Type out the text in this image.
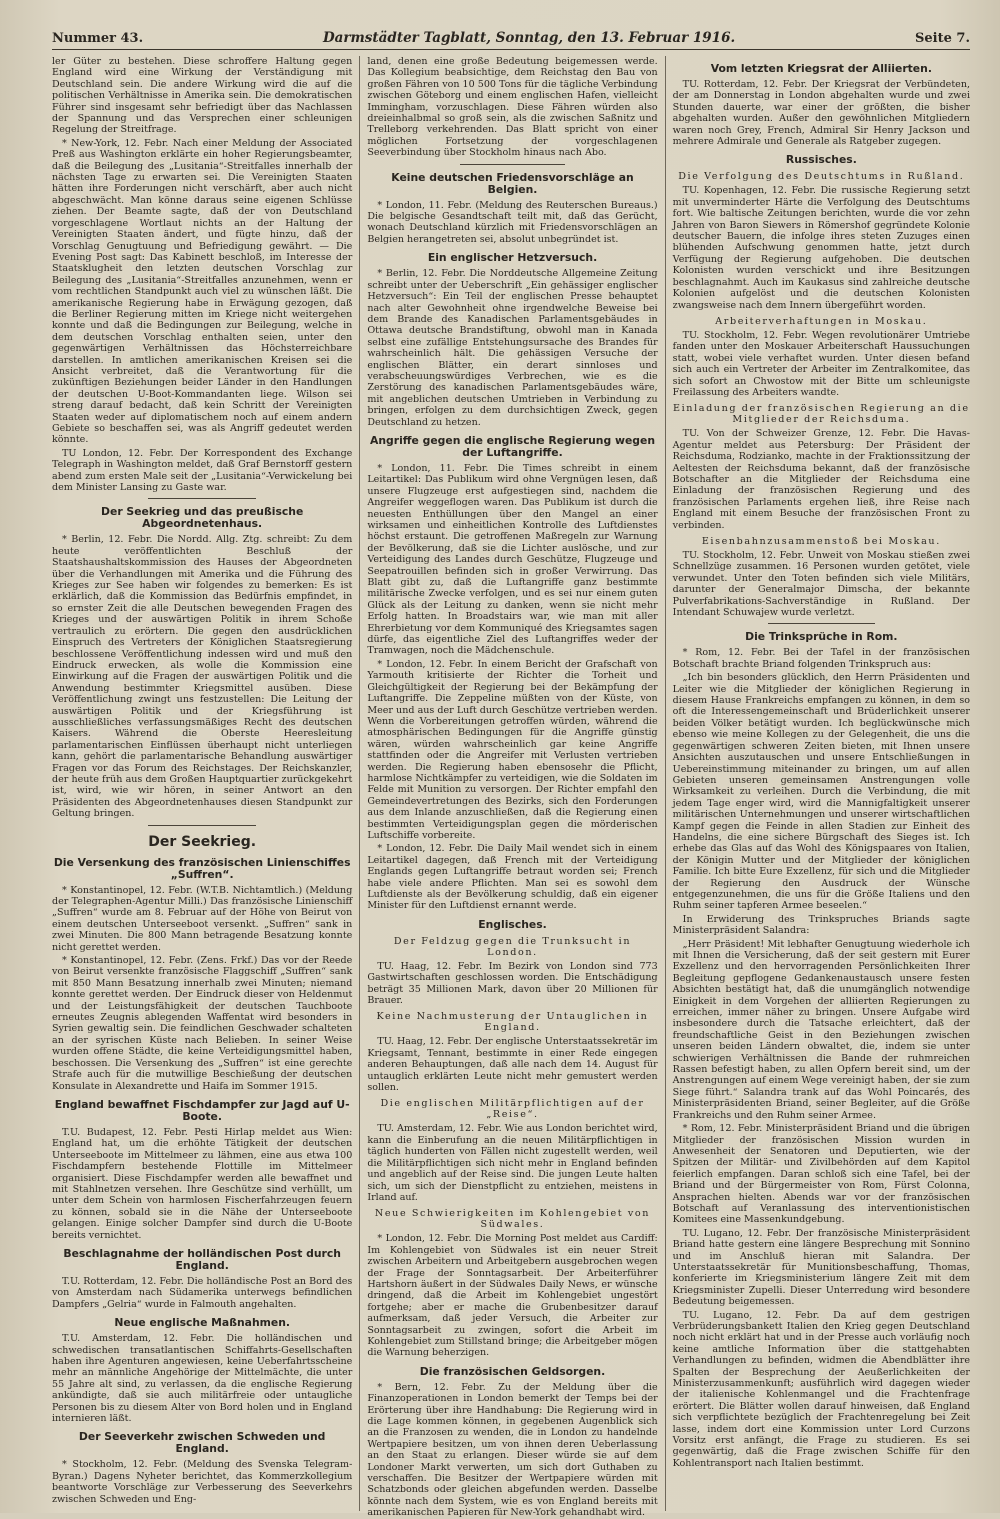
Nummer 43.	Darmstädter Tagblatt, Sonntag, den 13. Februar 1916.	Seite 7.

ler Güter zu bestehen. Diese schroffere Haltung gegen England wird eine Wirkung der Verständigung mit Deutschland sein. Die andere Wirkung wird die auf die politischen Verhältnisse in Amerika sein. Die demokratischen Führer sind insgesamt sehr befriedigt über das Nachlassen der Spannung und das Versprechen einer schleunigen Regelung der Streitfrage.

* New-York, 12. Febr. Nach einer Meldung der Associated Preß aus Washington erklärte ein hoher Regierungsbeamter, daß die Beilegung des „Lusitania“-Streitfalles innerhalb der nächsten Tage zu erwarten sei. Die Vereinigten Staaten hätten ihre Forderungen nicht verschärft, aber auch nicht abgeschwächt. Man könne daraus seine eigenen Schlüsse ziehen. Der Beamte sagte, daß der von Deutschland vorgeschlagene Wortlaut nichts an der Haltung der Vereinigten Staaten ändert, und fügte hinzu, daß der Vorschlag Genugtuung und Befriedigung gewährt. — Die Evening Post sagt: Das Kabinett beschloß, im Interesse der Staatsklugheit den letzten deutschen Vorschlag zur Beilegung des „Lusitania“-Streitfalles anzunehmen, wenn er vom rechtlichen Standpunkt auch viel zu wünschen läßt. Die amerikanische Regierung habe in Erwägung gezogen, daß die Berliner Regierung mitten im Kriege nicht weitergehen konnte und daß die Bedingungen zur Beilegung, welche in dem deutschen Vorschlag enthalten seien, unter den gegenwärtigen Verhältnissen das Höchsterreichbare darstellen. In amtlichen amerikanischen Kreisen sei die Ansicht verbreitet, daß die Verantwortung für die zukünftigen Beziehungen beider Länder in den Handlungen der deutschen U-Boot-Kommandanten liege. Wilson sei streng darauf bedacht, daß kein Schritt der Vereinigten Staaten weder auf diplomatischem noch auf einem andern Gebiete so beschaffen sei, was als Angriff gedeutet werden könnte.

TU London, 12. Febr. Der Korrespondent des Exchange Telegraph in Washington meldet, daß Graf Bernstorff gestern abend zum ersten Male seit der „Lusitania“-Verwickelung bei dem Minister Lansing zu Gaste war.

Der Seekrieg und das preußische Abgeordnetenhaus.

* Berlin, 12. Febr. Die Nordd. Allg. Ztg. schreibt: Zu dem heute veröffentlichten Beschluß der Staatshaushaltskommission des Hauses der Abgeordneten über die Verhandlungen mit Amerika und die Führung des Krieges zur See haben wir folgendes zu bemerken: Es ist erklärlich, daß die Kommission das Bedürfnis empfindet, in so ernster Zeit die alle Deutschen bewegenden Fragen des Krieges und der auswärtigen Politik in ihrem Schoße vertraulich zu erörtern. Die gegen den ausdrücklichen Einspruch des Vertreters der Königlichen Staatsregierung beschlossene Veröffentlichung indessen wird und muß den Eindruck erwecken, als wolle die Kommission eine Einwirkung auf die Fragen der auswärtigen Politik und die Anwendung bestimmter Kriegsmittel ausüben. Diese Veröffentlichung zwingt uns festzustellen: Die Leitung der auswärtigen Politik und der Kriegsführung ist ausschließliches verfassungsmäßiges Recht des deutschen Kaisers. Während die Oberste Heeresleitung parlamentarischen Einflüssen überhaupt nicht unterliegen kann, gehört die parlamentarische Behandlung auswärtiger Fragen vor das Forum des Reichstages. Der Reichskanzler, der heute früh aus dem Großen Hauptquartier zurückgekehrt ist, wird, wie wir hören, in seiner Antwort an den Präsidenten des Abgeordnetenhauses diesen Standpunkt zur Geltung bringen.

Der Seekrieg.
Die Versenkung des französischen Linienschiffes „Suffren“.

* Konstantinopel, 12. Febr. (W.T.B. Nichtamtlich.) (Meldung der Telegraphen-Agentur Milli.) Das französische Linienschiff „Suffren“ wurde am 8. Februar auf der Höhe von Beirut von einem deutschen Unterseeboot versenkt. „Suffren“ sank in zwei Minuten. Die 800 Mann betragende Besatzung konnte nicht gerettet werden.

* Konstantinopel, 12. Febr. (Zens. Frkf.) Das vor der Reede von Beirut versenkte französische Flaggschiff „Suffren“ sank mit 850 Mann Besatzung innerhalb zwei Minuten; niemand konnte gerettet werden. Der Eindruck dieser von Heldenmut und der Leistungsfähigkeit der deutschen Tauchboote erneutes Zeugnis ablegenden Waffentat wird besonders in Syrien gewaltig sein. Die feindlichen Geschwader schalteten an der syrischen Küste nach Belieben. In seiner Weise wurden offene Städte, die keine Verteidigungsmittel haben, beschossen. Die Versenkung des „Suffren“ ist eine gerechte Strafe auch für die mutwillige Beschießung der deutschen Konsulate in Alexandrette und Haifa im Sommer 1915.

England bewaffnet Fischdampfer zur Jagd auf U-Boote.

T.U. Budapest, 12. Febr. Pesti Hirlap meldet aus Wien: England hat, um die erhöhte Tätigkeit der deutschen Unterseeboote im Mittelmeer zu lähmen, eine aus etwa 100 Fischdampfern bestehende Flottille im Mittelmeer organisiert. Diese Fischdampfer werden alle bewaffnet und mit Stahlnetzen versehen. Ihre Geschütze sind verhüllt, um unter dem Schein von harmlosen Fischerfahrzeugen feuern zu können, sobald sie in die Nähe der Unterseeboote gelangen. Einige solcher Dampfer sind durch die U-Boote bereits vernichtet.

Beschlagnahme der holländischen Post durch England.

T.U. Rotterdam, 12. Febr. Die holländische Post an Bord des von Amsterdam nach Südamerika unterwegs befindlichen Dampfers „Gelria“ wurde in Falmouth angehalten.

Neue englische Maßnahmen.

T.U. Amsterdam, 12. Febr. Die holländischen und schwedischen transatlantischen Schiffahrts-Gesellschaften haben ihre Agenturen angewiesen, keine Ueberfahrtsscheine mehr an männliche Angehörige der Mittelmächte, die unter 55 Jahre alt sind, zu verlassen, da die englische Regierung ankündigte, daß sie auch militärfreie oder untaugliche Personen bis zu diesem Alter von Bord holen und in England internieren läßt.

Der Seeverkehr zwischen Schweden und England.

* Stockholm, 12. Febr. (Meldung des Svenska Telegram-Byran.) Dagens Nyheter berichtet, das Kommerzkollegium beantworte Vorschläge zur Verbesserung des Seeverkehrs zwischen Schweden und Eng-

land, denen eine große Bedeutung beigemessen werde. Das Kollegium beabsichtige, dem Reichstag den Bau von großen Fähren von 10 500 Tons für die tägliche Verbindung zwischen Göteborg und einem englischen Hafen, vielleicht Immingham, vorzuschlagen. Diese Fähren würden also dreieinhalbmal so groß sein, als die zwischen Saßnitz und Trelleborg verkehrenden. Das Blatt spricht von einer möglichen Fortsetzung der vorgeschlagenen Seeverbindung über Stockholm hinaus nach Abo.

Keine deutschen Friedensvorschläge an Belgien.

* London, 11. Febr. (Meldung des Reuterschen Bureaus.) Die belgische Gesandtschaft teilt mit, daß das Gerücht, wonach Deutschland kürzlich mit Friedensvorschlägen an Belgien herangetreten sei, absolut unbegründet ist.

Ein englischer Hetzversuch.

* Berlin, 12. Febr. Die Norddeutsche Allgemeine Zeitung schreibt unter der Ueberschrift „Ein gehässiger englischer Hetzversuch“: Ein Teil der englischen Presse behauptet nach alter Gewohnheit ohne irgendwelche Beweise bei dem Brande des Kanadischen Parlamentsgebäudes in Ottawa deutsche Brandstiftung, obwohl man in Kanada selbst eine zufällige Entstehungsursache des Brandes für wahrscheinlich hält. Die gehässigen Versuche der englischen Blätter, ein derart sinnloses und verabscheuungswürdiges Verbrechen, wie es die Zerstörung des kanadischen Parlamentsgebäudes wäre, mit angeblichen deutschen Umtrieben in Verbindung zu bringen, erfolgen zu dem durchsichtigen Zweck, gegen Deutschland zu hetzen.

Angriffe gegen die englische Regierung wegen der Luftangriffe.

* London, 11. Febr. Die Times schreibt in einem Leitartikel: Das Publikum wird ohne Vergnügen lesen, daß unsere Flugzeuge erst aufgestiegen sind, nachdem die Angreifer weggeflogen waren. Das Publikum ist durch die neuesten Enthüllungen über den Mangel an einer wirksamen und einheitlichen Kontrolle des Luftdienstes höchst erstaunt. Die getroffenen Maßregeln zur Warnung der Bevölkerung, daß sie die Lichter auslösche, und zur Verteidigung des Landes durch Geschütze, Flugzeuge und Seepatrouillen befinden sich in großer Verwirrung. Das Blatt gibt zu, daß die Luftangriffe ganz bestimmte militärische Zwecke verfolgen, und es sei nur einem guten Glück als der Leitung zu danken, wenn sie nicht mehr Erfolg hatten. In Broadstairs war, wie man mit aller Ehrerbietung vor dem Kommuniqué des Kriegsamtes sagen dürfe, das eigentliche Ziel des Luftangriffes weder der Tramwagen, noch die Mädchenschule.

* London, 12. Febr. In einem Bericht der Grafschaft von Yarmouth kritisierte der Richter die Torheit und Gleichgültigkeit der Regierung bei der Bekämpfung der Luftangriffe. Die Zeppeline müßten von der Küste, von Meer und aus der Luft durch Geschütze vertrieben werden. Wenn die Vorbereitungen getroffen würden, während die atmosphärischen Bedingungen für die Angriffe günstig wären, würden wahrscheinlich gar keine Angriffe stattfinden oder die Angreifer mit Verlusten vertrieben werden. Die Regierung haben ebensosehr die Pflicht, harmlose Nichtkämpfer zu verteidigen, wie die Soldaten im Felde mit Munition zu versorgen. Der Richter empfahl den Gemeindevertretungen des Bezirks, sich den Forderungen aus dem Inlande anzuschließen, daß die Regierung einen bestimmten Verteidigungsplan gegen die mörderischen Luftschiffe vorbereite.

* London, 12. Febr. Die Daily Mail wendet sich in einem Leitartikel dagegen, daß French mit der Verteidigung Englands gegen Luftangriffe betraut worden sei; French habe viele andere Pflichten. Man sei es sowohl dem Luftdienste als der Bevölkerung schuldig, daß ein eigener Minister für den Luftdienst ernannt werde.

Englisches.
Der Feldzug gegen die Trunksucht in London.

TU. Haag, 12. Febr. Im Bezirk von London sind 773 Gastwirtschaften geschlossen worden. Die Entschädigung beträgt 35 Millionen Mark, davon über 20 Millionen für Brauer.

Keine Nachmusterung der Untauglichen in England.

TU. Haag, 12. Febr. Der englische Unterstaatssekretär im Kriegsamt, Tennant, bestimmte in einer Rede eingegen anderen Behauptungen, daß alle nach dem 14. August für untauglich erklärten Leute nicht mehr gemustert werden sollen.

Die englischen Militärpflichtigen auf der „Reise“.

TU. Amsterdam, 12. Febr. Wie aus London berichtet wird, kann die Einberufung an die neuen Militärpflichtigen in täglich hunderten von Fällen nicht zugestellt werden, weil die Militärpflichtigen sich nicht mehr in England befinden und angeblich auf der Reise sind. Die jungen Leute halten sich, um sich der Dienstpflicht zu entziehen, meistens in Irland auf.

Neue Schwierigkeiten im Kohlengebiet von Südwales.

* London, 12. Febr. Die Morning Post meldet aus Cardiff: Im Kohlengebiet von Südwales ist ein neuer Streit zwischen Arbeitern und Arbeitgebern ausgebrochen wegen der Frage der Sonntagsarbeit. Der Arbeiterführer Hartshorn äußert in der Südwales Daily News, er wünsche dringend, daß die Arbeit im Kohlengebiet ungestört fortgehe; aber er mache die Grubenbesitzer darauf aufmerksam, daß jeder Versuch, die Arbeiter zur Sonntagsarbeit zu zwingen, sofort die Arbeit im Kohlengebiet zum Stillstand bringe; die Arbeitgeber mögen die Warnung beherzigen.

Die französischen Geldsorgen.

* Bern, 12. Febr. Zu der Meldung über die Finanzoperationen in London bemerkt der Temps bei der Erörterung über ihre Handhabung: Die Regierung wird in die Lage kommen können, in gegebenen Augenblick sich an die Franzosen zu wenden, die in London zu handelnde Wertpapiere besitzen, um von ihnen deren Ueberlassung an den Staat zu erlangen. Dieser würde sie auf dem Londoner Markt verwerten, um sich dort Guthaben zu verschaffen. Die Besitzer der Wertpapiere würden mit Schatzbonds oder gleichen abgefunden werden. Dasselbe könnte nach dem System, wie es von England bereits mit amerikanischen Papieren für New-York gehandhabt wird.

Vom letzten Kriegsrat der Alliierten.

TU. Rotterdam, 12. Febr. Der Kriegsrat der Verbündeten, der am Donnerstag in London abgehalten wurde und zwei Stunden dauerte, war einer der größten, die bisher abgehalten wurden. Außer den gewöhnlichen Mitgliedern waren noch Grey, French, Admiral Sir Henry Jackson und mehrere Admirale und Generale als Ratgeber zugegen.

Russisches.
Die Verfolgung des Deutschtums in Rußland.

TU. Kopenhagen, 12. Febr. Die russische Regierung setzt mit unverminderter Härte die Verfolgung des Deutschtums fort. Wie baltische Zeitungen berichten, wurde die vor zehn Jahren von Baron Siewers in Römershof gegründete Kolonie deutscher Bauern, die infolge ihres steten Zuzuges einen blühenden Aufschwung genommen hatte, jetzt durch Verfügung der Regierung aufgehoben. Die deutschen Kolonisten wurden verschickt und ihre Besitzungen beschlagnahmt. Auch im Kaukasus sind zahlreiche deutsche Kolonien aufgelöst und die deutschen Kolonisten zwangsweise nach dem Innern übergeführt worden.

Arbeiterverhaftungen in Moskau.

TU. Stockholm, 12. Febr. Wegen revolutionärer Umtriebe fanden unter den Moskauer Arbeiterschaft Haussuchungen statt, wobei viele verhaftet wurden. Unter diesen befand sich auch ein Vertreter der Arbeiter im Zentralkomitee, das sich sofort an Chwostow mit der Bitte um schleunigste Freilassung des Arbeiters wandte.

Einladung der französischen Regierung an die Mitglieder der Reichsduma.

TU. Von der Schweizer Grenze, 12. Febr. Die Havas-Agentur meldet aus Petersburg: Der Präsident der Reichsduma, Rodzianko, machte in der Fraktionssitzung der Aeltesten der Reichsduma bekannt, daß der französische Botschafter an die Mitglieder der Reichsduma eine Einladung der französischen Regierung und des französischen Parlaments ergehen ließ, ihre Reise nach England mit einem Besuche der französischen Front zu verbinden.

Eisenbahnzusammenstoß bei Moskau.

TU. Stockholm, 12. Febr. Unweit von Moskau stießen zwei Schnellzüge zusammen. 16 Personen wurden getötet, viele verwundet. Unter den Toten befinden sich viele Militärs, darunter der Generalmajor Dimscha, der bekannte Pulverfabrikations-Sachverständige in Rußland. Der Intendant Schuwajew wurde verletzt.

Die Trinksprüche in Rom.

* Rom, 12. Febr. Bei der Tafel in der französischen Botschaft brachte Briand folgenden Trinkspruch aus:

„Ich bin besonders glücklich, den Herrn Präsidenten und Leiter wie die Mitglieder der königlichen Regierung in diesem Hause Frankreichs empfangen zu können, in dem so oft die Interessengemeinschaft und Brüderlichkeit unserer beiden Völker betätigt wurden. Ich beglückwünsche mich ebenso wie meine Kollegen zu der Gelegenheit, die uns die gegenwärtigen schweren Zeiten bieten, mit Ihnen unsere Ansichten auszutauschen und unsere Entschließungen in Uebereinstimmung miteinander zu bringen, um auf allen Gebieten unseren gemeinsamen Anstrengungen volle Wirksamkeit zu verleihen. Durch die Verbindung, die mit jedem Tage enger wird, wird die Mannigfaltigkeit unserer militärischen Unternehmungen und unserer wirtschaftlichen Kampf gegen die Feinde in allen Stadien zur Einheit des Handelns, die eine sichere Bürgschaft des Sieges ist. Ich erhebe das Glas auf das Wohl des Königspaares von Italien, der Königin Mutter und der Mitglieder der königlichen Familie. Ich bitte Eure Exzellenz, für sich und die Mitglieder der Regierung den Ausdruck der Wünsche entgegenzunehmen, die uns für die Größe Italiens und den Ruhm seiner tapferen Armee beseelen.“

In Erwiderung des Trinkspruches Briands sagte Ministerpräsident Salandra:

„Herr Präsident! Mit lebhafter Genugtuung wiederhole ich mit Ihnen die Versicherung, daß der seit gestern mit Eurer Exzellenz und den hervorragenden Persönlichkeiten Ihrer Begleitung gepflogene Gedankenaustausch unsere festen Absichten bestätigt hat, daß die unumgänglich notwendige Einigkeit in dem Vorgehen der alliierten Regierungen zu erreichen, immer näher zu bringen. Unsere Aufgabe wird insbesondere durch die Tatsache erleichtert, daß der freundschaftliche Geist in den Beziehungen zwischen unseren beiden Ländern obwaltet, die, indem sie unter schwierigen Verhältnissen die Bande der ruhmreichen Rassen befestigt haben, zu allen Opfern bereit sind, um der Anstrengungen auf einem Wege vereinigt haben, der sie zum Siege führt.“ Salandra trank auf das Wohl Poincarés, des Ministerpräsidenten Briand, seiner Begleiter, auf die Größe Frankreichs und den Ruhm seiner Armee.

* Rom, 12. Febr. Ministerpräsident Briand und die übrigen Mitglieder der französischen Mission wurden in Anwesenheit der Senatoren und Deputierten, wie der Spitzen der Militär- und Zivilbehörden auf dem Kapitol feierlich empfangen. Daran schloß sich eine Tafel, bei der Briand und der Bürgermeister von Rom, Fürst Colonna, Ansprachen hielten. Abends war vor der französischen Botschaft auf Veranlassung des interventionistischen Komitees eine Massenkundgebung.

TU. Lugano, 12. Febr. Der französische Ministerpräsident Briand hatte gestern eine längere Besprechung mit Sonnino und im Anschluß hieran mit Salandra. Der Unterstaatssekretär für Munitionsbeschaffung, Thomas, konferierte im Kriegsministerium längere Zeit mit dem Kriegsminister Zupelli. Dieser Unterredung wird besondere Bedeutung beigemessen.

TU. Lugano, 12. Febr. Da auf dem gestrigen Verbrüderungsbankett Italien den Krieg gegen Deutschland noch nicht erklärt hat und in der Presse auch vorläufig noch keine amtliche Information über die stattgehabten Verhandlungen zu befinden, widmen die Abendblätter ihre Spalten der Besprechung der Aeußerlichkeiten der Ministerzusammenkunft; ausführlich wird dagegen wieder der italienische Kohlenmangel und die Frachtenfrage erörtert. Die Blätter wollen darauf hinweisen, daß England sich verpflichtete bezüglich der Frachtenregelung bei Zeit lasse, indem dort eine Kommission unter Lord Curzons Vorsitz erst anfängt, die Frage zu studieren. Es sei gegenwärtig, daß die Frage zwischen Schiffe für den Kohlentransport nach Italien bestimmt.
